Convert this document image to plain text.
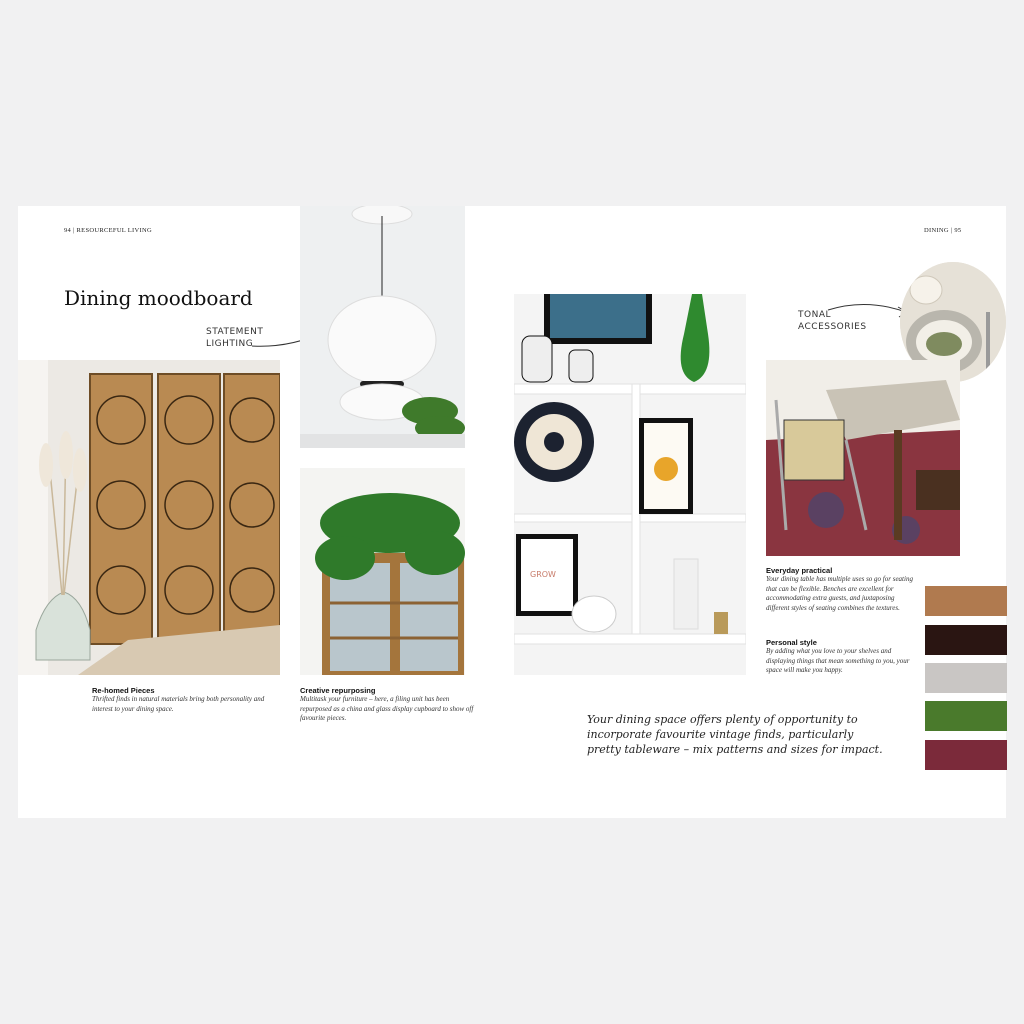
94 | RESOURCEFUL LIVING
Dining moodboard
STATEMENT
LIGHTING
Re-homed Pieces
Thrifted finds in natural materials bring both personality and interest to your dining space.
Creative repurposing
Multitask your furniture – here, a filing unit has been repurposed as a china and glass display cupboard to show off favourite pieces.
DINING | 95
GROW
TONAL
ACCESSORIES
Everyday practical
Your dining table has multiple uses so go for seating that can be flexible. Benches are excellent for accommodating extra guests, and juxtaposing different styles of seating combines the textures.
Personal style
By adding what you love to your shelves and displaying things that mean something to you, your space will make you happy.
Your dining space offers plenty of opportunity to incorporate favourite vintage finds, particularly pretty tableware – mix patterns and sizes for impact.
